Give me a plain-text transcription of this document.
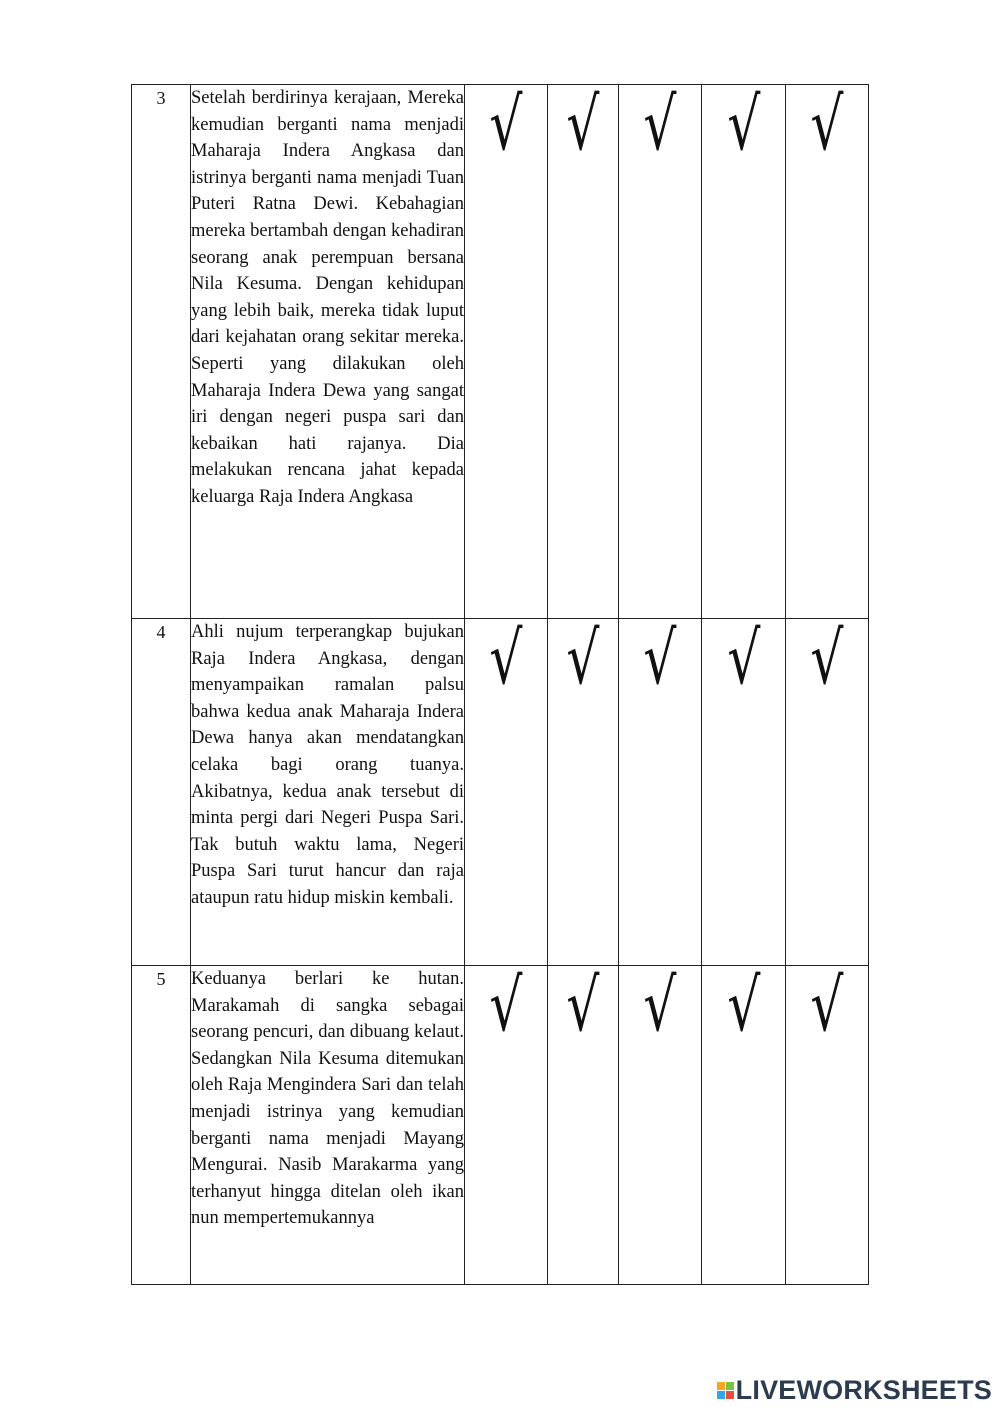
3	Setelah berdirinya kerajaan, Mereka kemudian berganti nama menjadi Maharaja Indera Angkasa dan istrinya berganti nama menjadi Tuan Puteri Ratna Dewi. Kebahagian mereka bertambah dengan kehadiran seorang anak perempuan bersana Nila Kesuma. Dengan kehidupan yang lebih baik, mereka tidak luput dari kejahatan orang sekitar mereka. Seperti yang dilakukan oleh Maharaja Indera Dewa yang sangat iri dengan negeri puspa sari dan kebaikan hati rajanya. Dia melakukan rencana jahat kepada keluarga Raja Indera Angkasa	√	√	√	√	√
4	Ahli nujum terperangkap bujukan Raja Indera Angkasa, dengan menyampaikan ramalan palsu bahwa kedua anak Maharaja Indera Dewa hanya akan mendatangkan celaka bagi orang tuanya. Akibatnya, kedua anak tersebut di minta pergi dari Negeri Puspa Sari. Tak butuh waktu lama, Negeri Puspa Sari turut hancur dan raja ataupun ratu hidup miskin kembali.	√	√	√	√	√
5	Keduanya berlari ke hutan. Marakamah di sangka sebagai seorang pencuri, dan dibuang kelaut. Sedangkan Nila Kesuma ditemukan oleh Raja Mengindera Sari dan telah menjadi istrinya yang kemudian berganti nama menjadi Mayang Mengurai. Nasib Marakarma yang terhanyut hingga ditelan oleh ikan nun mempertemukannya	√	√	√	√	√
LIVEWORKSHEETS
